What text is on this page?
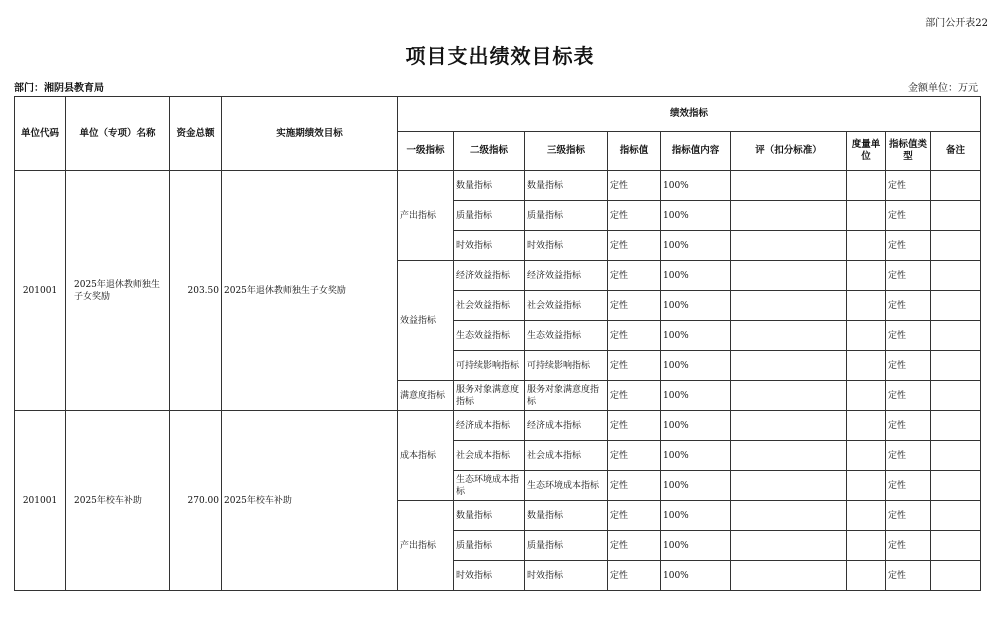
部门公开表22
项目支出绩效目标表
部门：湘阴县教育局	金额单位：万元
单位代码	单位（专项）名称	资金总额	实施期绩效目标	绩效指标								
				一级指标	二级指标	三级指标	指标值	指标值内容	评（扣分标准）	度量单位	指标值类型	备注
201001	2025年退休教师独生子女奖励	203.50	2025年退休教师独生子女奖励	产出指标	数量指标	数量指标	定性	100%			定性	
					质量指标	质量指标	定性	100%			定性	
					时效指标	时效指标	定性	100%			定性	
				效益指标	经济效益指标	经济效益指标	定性	100%			定性	
					社会效益指标	社会效益指标	定性	100%			定性	
					生态效益指标	生态效益指标	定性	100%			定性	
					可持续影响指标	可持续影响指标	定性	100%			定性	
				满意度指标	服务对象满意度指标	服务对象满意度指标	定性	100%			定性	
201001	2025年校车补助	270.00	2025年校车补助	成本指标	经济成本指标	经济成本指标	定性	100%			定性	
					社会成本指标	社会成本指标	定性	100%			定性	
					生态环境成本指标	生态环境成本指标	定性	100%			定性	
				产出指标	数量指标	数量指标	定性	100%			定性	
					质量指标	质量指标	定性	100%			定性	
					时效指标	时效指标	定性	100%			定性	
